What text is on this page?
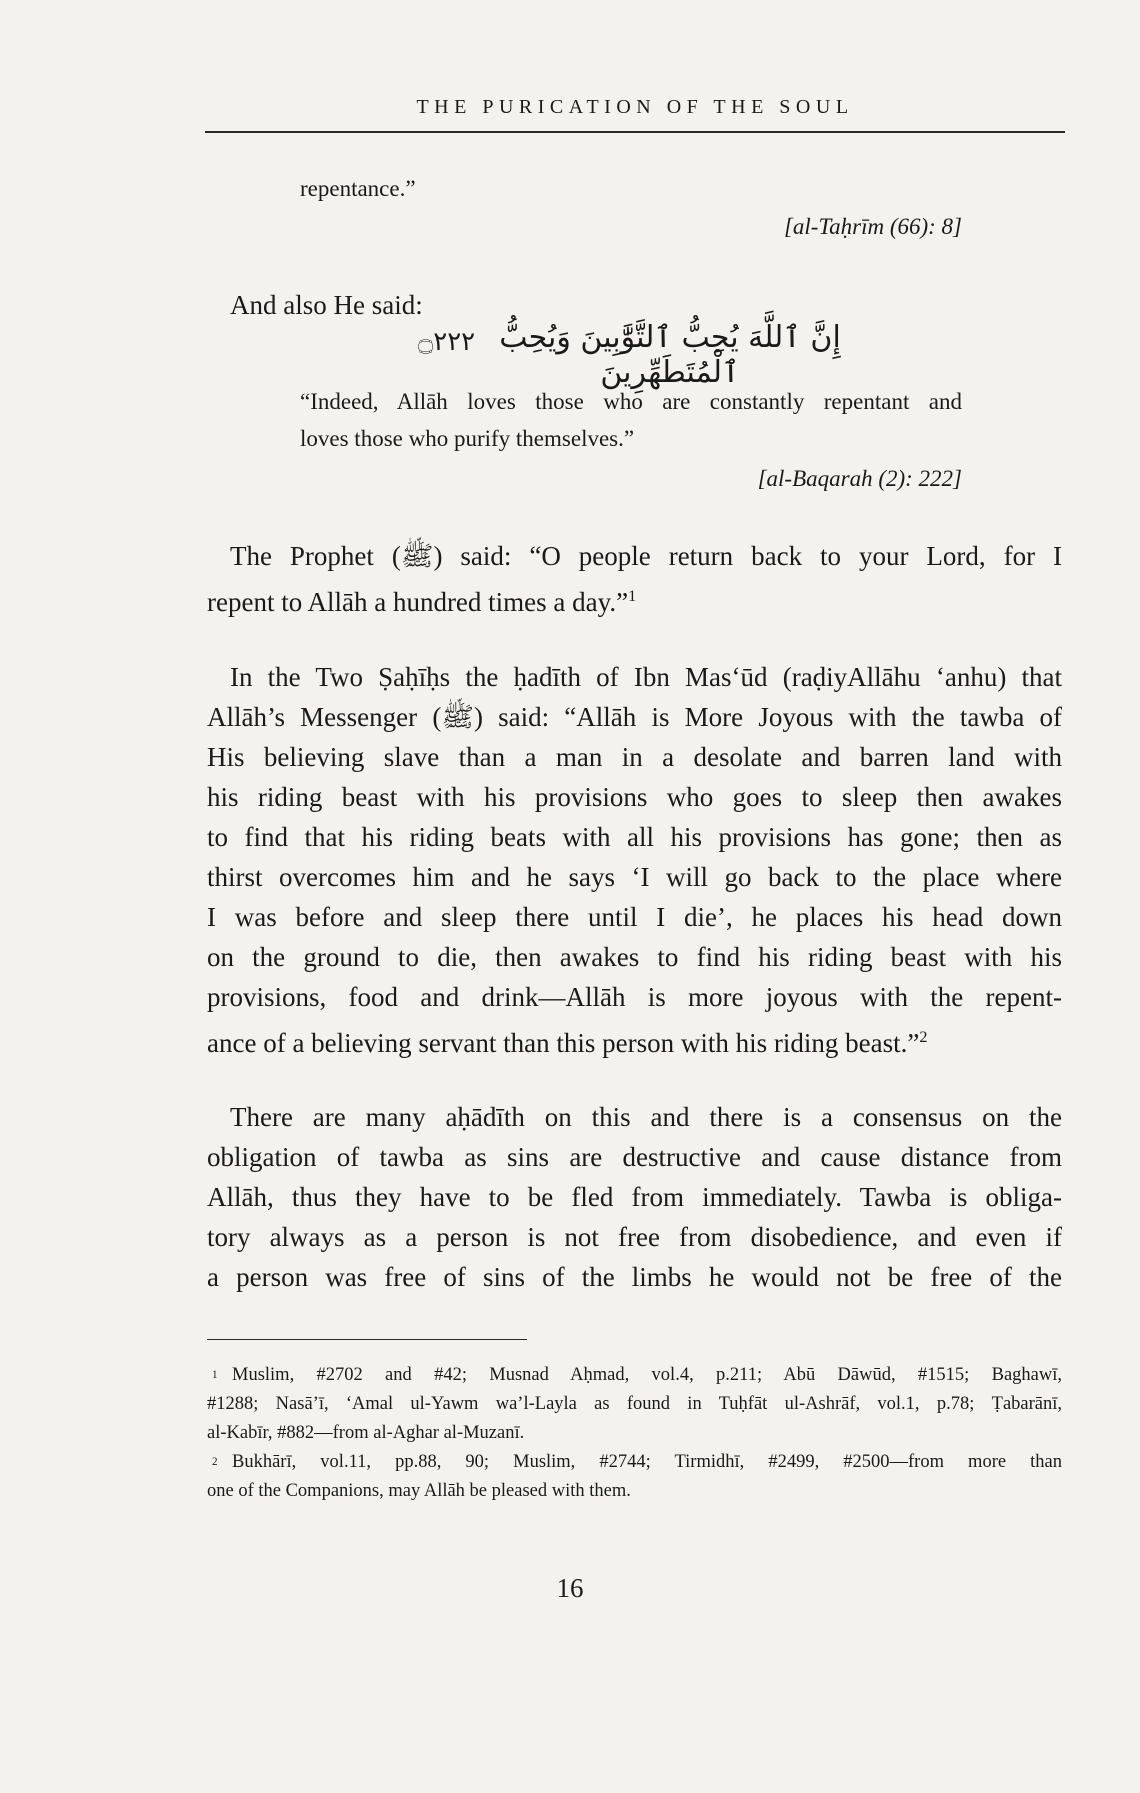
THE PURICATION OF THE SOUL
repentance.”
[al-Taḥrīm (66): 8]
And also He said:
إِنَّ ٱللَّهَ يُحِبُّ ٱلتَّوَّٰبِينَ وَيُحِبُّ ٱلْمُتَطَهِّرِينَ
۝٢٢٢
“Indeed, Allāh loves those who are constantly repentant and
loves those who purify themselves.”
[al-Baqarah (2): 222]
The Prophet (ﷺ) said: “O people return back to your Lord, for I
repent to Allāh a hundred times a day.”$^1$
In the Two Ṣaḥīḥs the ḥadīth of Ibn Mas‘ūd (raḍiyAllāhu ‘anhu) that
Allāh’s Messenger (ﷺ) said: “Allāh is More Joyous with the tawba of
His believing slave than a man in a desolate and barren land with
his riding beast with his provisions who goes to sleep then awakes
to find that his riding beats with all his provisions has gone; then as
thirst overcomes him and he says ‘I will go back to the place where
I was before and sleep there until I die’, he places his head down
on the ground to die, then awakes to find his riding beast with his
provisions, food and drink—Allāh is more joyous with the repent-
ance of a believing servant than this person with his riding beast.”$^2$
There are many aḥādīth on this and there is a consensus on the
obligation of tawba as sins are destructive and cause distance from
Allāh, thus they have to be fled from immediately. Tawba is obliga-
tory always as a person is not free from disobedience, and even if
a person was free of sins of the limbs he would not be free of the
$^1$ Muslim, #2702 and #42; Musnad Aḥmad, vol.4, p.211; Abū Dāwūd, #1515; Baghawī,
#1288; Nasā’ī, ‘Amal ul-Yawm wa’l-Layla as found in Tuḥfāt ul-Ashrāf, vol.1, p.78; Ṭabarānī,
al-Kabīr, #882—from al-Aghar al-Muzanī.
$^2$ Bukhārī, vol.11, pp.88, 90; Muslim, #2744; Tirmidhī, #2499, #2500—from more than
one of the Companions, may Allāh be pleased with them.
16
